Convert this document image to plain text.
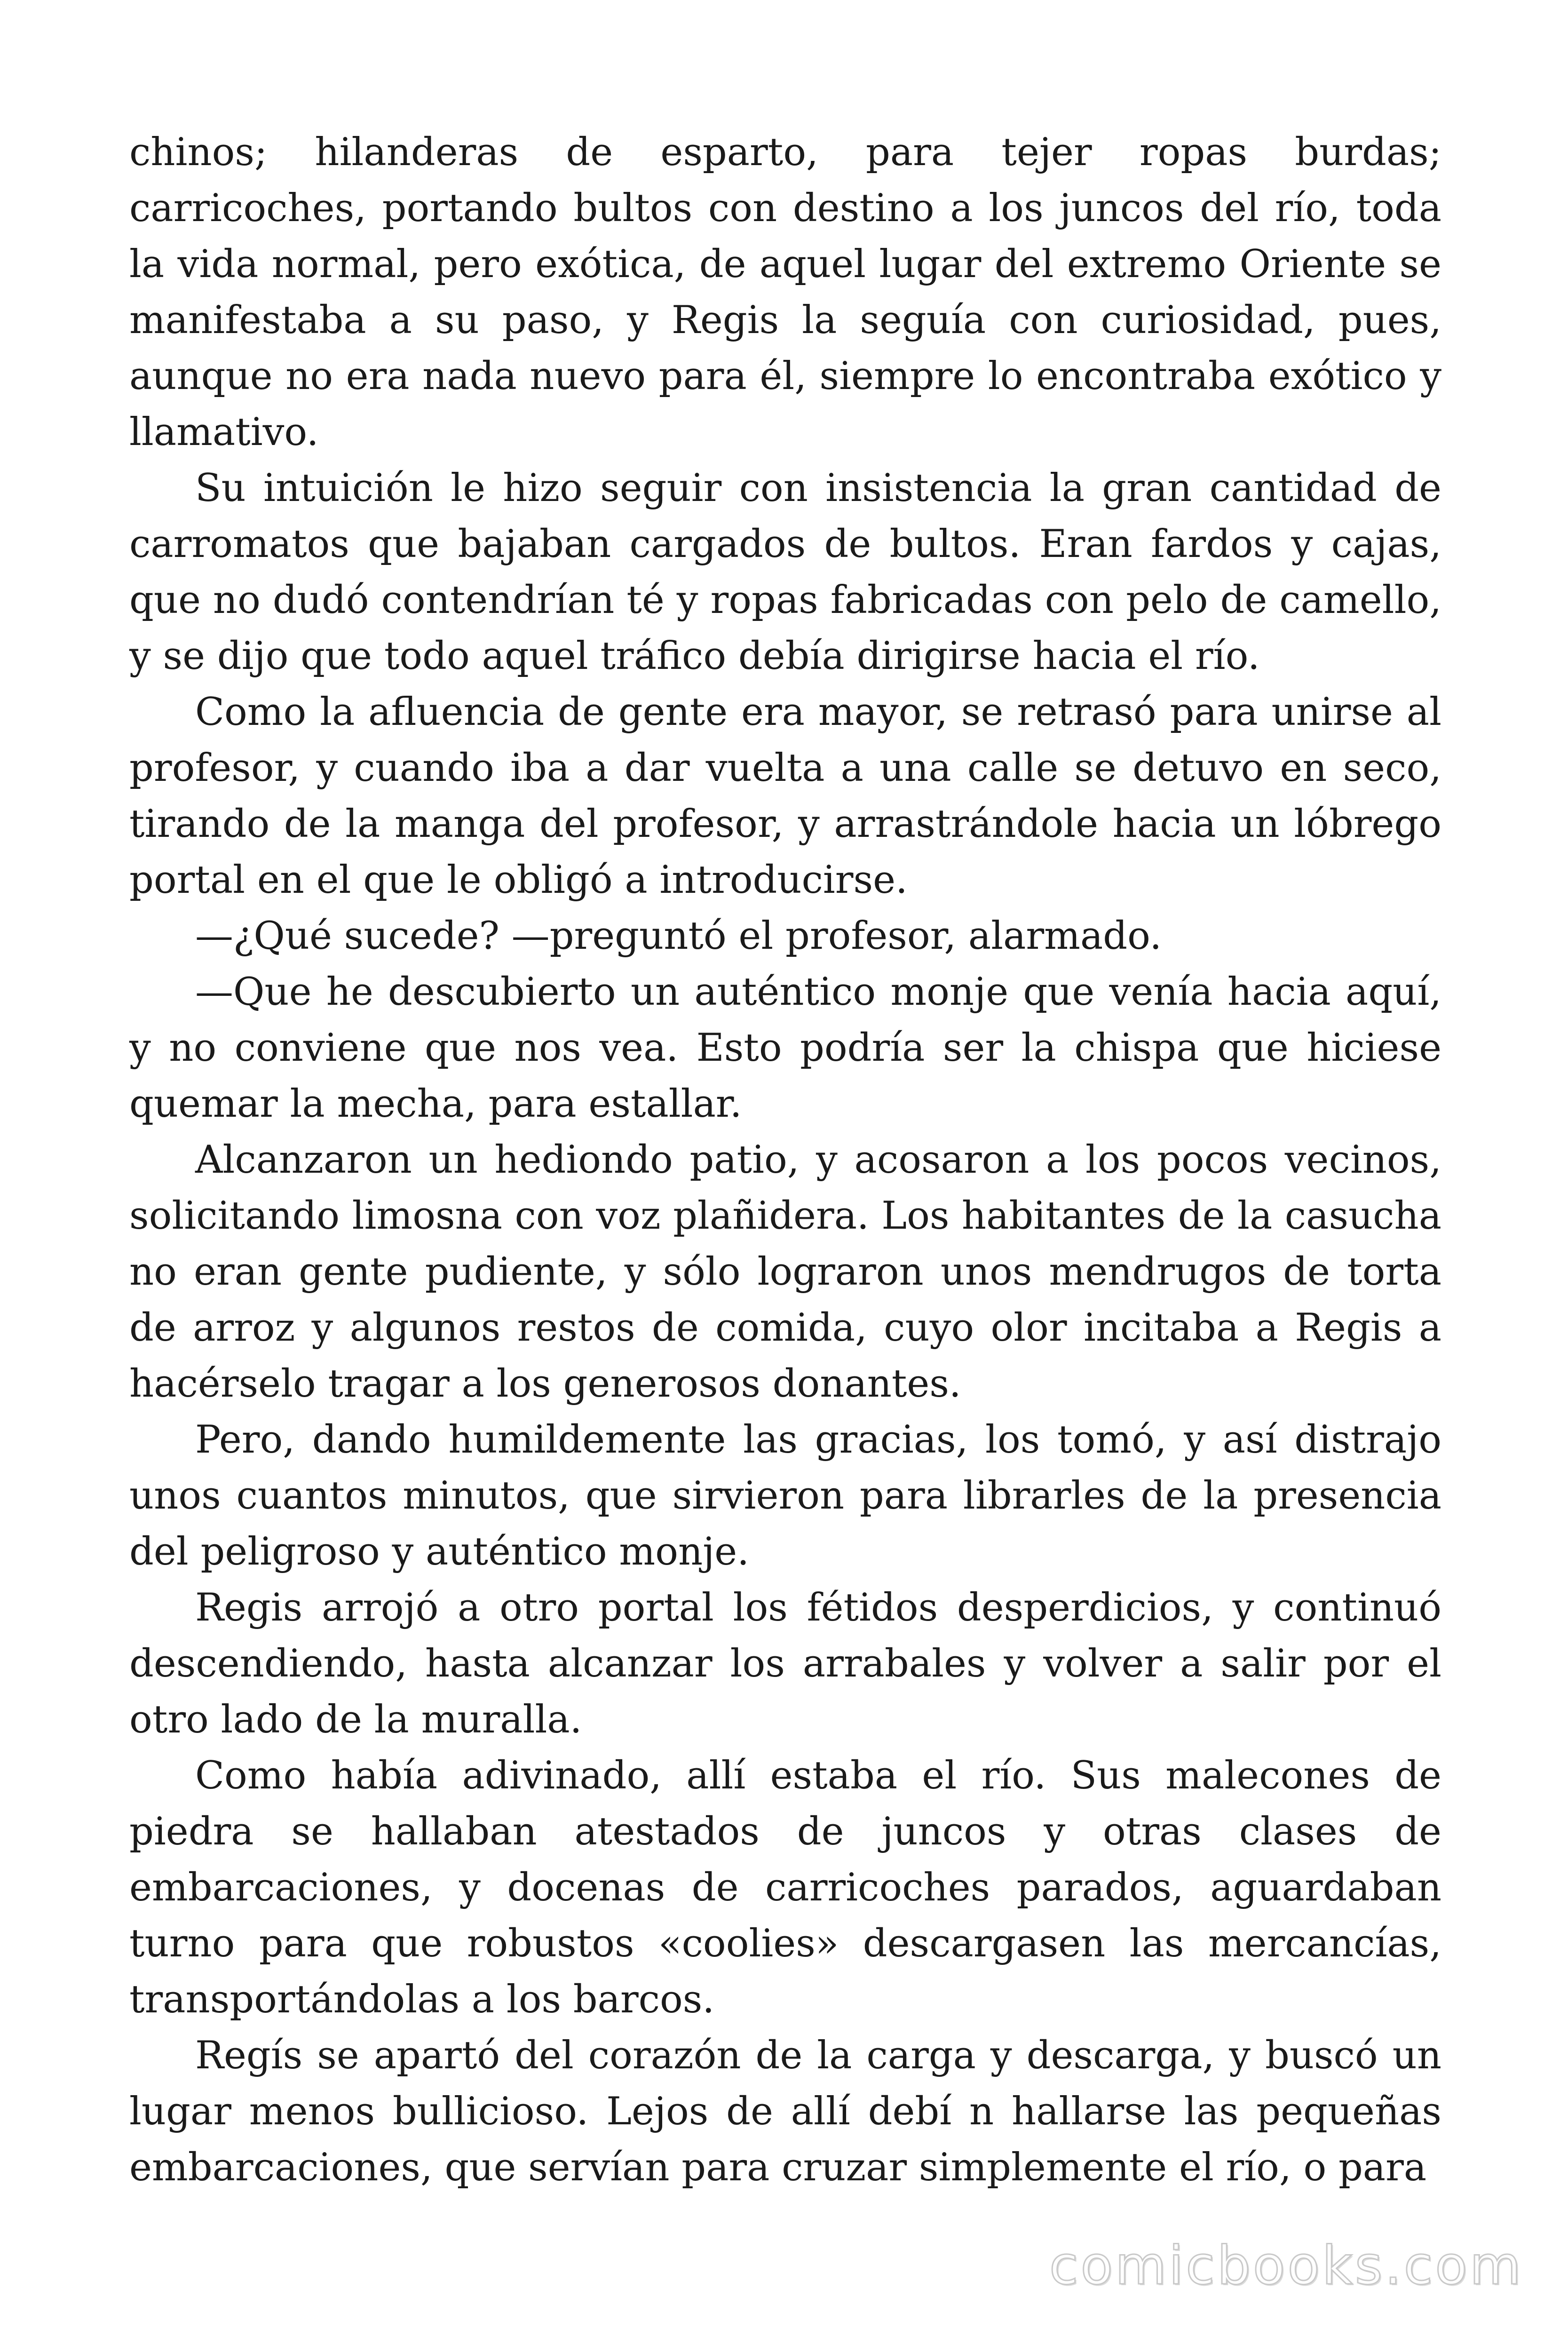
chinos; hilanderas de esparto, para tejer ropas burdas; carricoches, portando bultos con destino a los juncos del río, toda la vida normal, pero exótica, de aquel lugar del extremo Oriente se manifestaba a su paso, y Regis la seguía con curiosidad, pues, aunque no era nada nuevo para él, siempre lo encontraba exótico y llamativo.

Su intuición le hizo seguir con insistencia la gran cantidad de carromatos que bajaban cargados de bultos. Eran fardos y cajas, que no dudó contendrían té y ropas fabricadas con pelo de camello, y se dijo que todo aquel tráfico debía dirigirse hacia el río.

Como la afluencia de gente era mayor, se retrasó para unirse al profesor, y cuando iba a dar vuelta a una calle se detuvo en seco, tirando de la manga del profesor, y arrastrándole hacia un lóbrego portal en el que le obligó a introducirse.

—¿Qué sucede? —preguntó el profesor, alarmado.

—Que he descubierto un auténtico monje que venía hacia aquí, y no conviene que nos vea. Esto podría ser la chispa que hiciese quemar la mecha, para estallar.

Alcanzaron un hediondo patio, y acosaron a los pocos vecinos, solicitando limosna con voz plañidera. Los habitantes de la casucha no eran gente pudiente, y sólo lograron unos mendrugos de torta de arroz y algunos restos de comida, cuyo olor incitaba a Regis a hacérselo tragar a los generosos donantes.

Pero, dando humildemente las gracias, los tomó, y así distrajo unos cuantos minutos, que sirvieron para librarles de la presencia del peligroso y auténtico monje.

Regis arrojó a otro portal los fétidos desperdicios, y continuó descendiendo, hasta alcanzar los arrabales y volver a salir por el otro lado de la muralla.

Como había adivinado, allí estaba el río. Sus malecones de piedra se hallaban atestados de juncos y otras clases de embarcaciones, y docenas de carricoches parados, aguardaban turno para que robustos «coolies» descargasen las mercancías, transportándolas a los barcos.

Regís se apartó del corazón de la carga y descarga, y buscó un lugar menos bullicioso. Lejos de allí debí n hallarse las pequeñas embarcaciones, que servían para cruzar simplemente el río, o para

comicbooks.com
